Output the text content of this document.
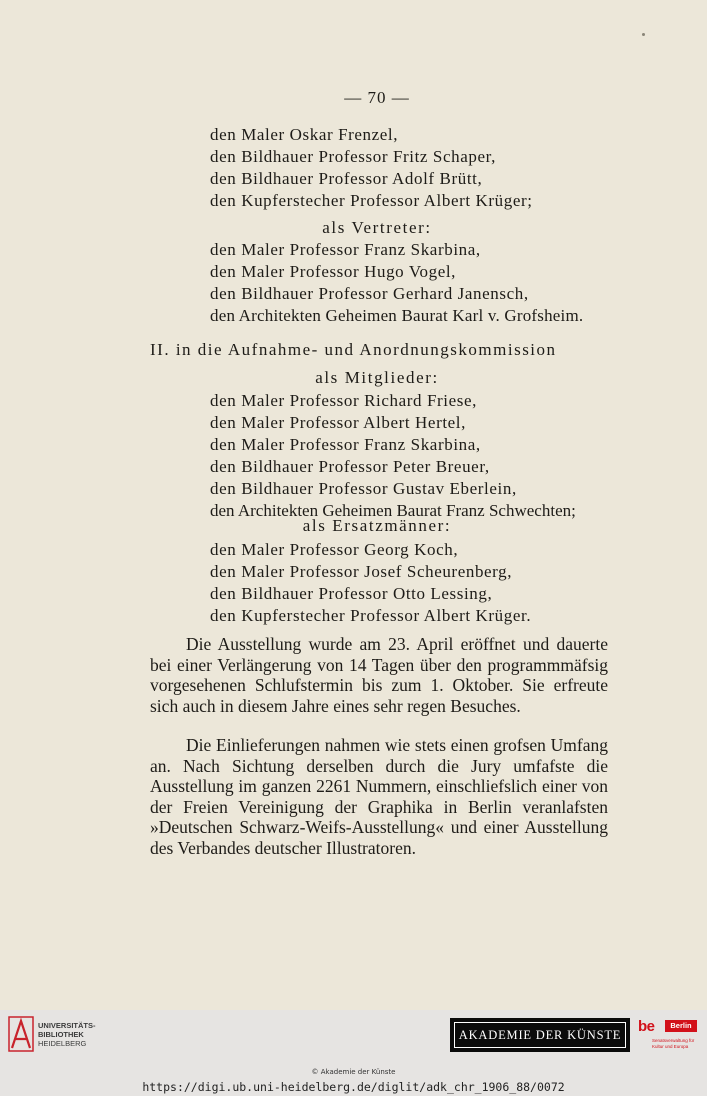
— 70 —
den Maler Oskar Frenzel,
den Bildhauer Professor Fritz Schaper,
den Bildhauer Professor Adolf Brütt,
den Kupferstecher Professor Albert Krüger;
als Vertreter:
den Maler Professor Franz Skarbina,
den Maler Professor Hugo Vogel,
den Bildhauer Professor Gerhard Janensch,
den Architekten Geheimen Baurat Karl v. Grofsheim.
II. in die Aufnahme- und Anordnungskommission
als Mitglieder:
den Maler Professor Richard Friese,
den Maler Professor Albert Hertel,
den Maler Professor Franz Skarbina,
den Bildhauer Professor Peter Breuer,
den Bildhauer Professor Gustav Eberlein,
den Architekten Geheimen Baurat Franz Schwechten;
als Ersatzmänner:
den Maler Professor Georg Koch,
den Maler Professor Josef Scheurenberg,
den Bildhauer Professor Otto Lessing,
den Kupferstecher Professor Albert Krüger.
Die Ausstellung wurde am 23. April eröffnet und dauerte bei einer Verlängerung von 14 Tagen über den programmmäfsig vorgesehenen Schlufstermin bis zum 1. Oktober. Sie erfreute sich auch in diesem Jahre eines sehr regen Besuches.
Die Einlieferungen nahmen wie stets einen grofsen Umfang an. Nach Sichtung derselben durch die Jury umfafste die Ausstellung im ganzen 2261 Nummern, einschliefslich einer von der Freien Vereinigung der Graphika in Berlin veranlafsten »Deutschen Schwarz-Weifs-Ausstellung« und einer Ausstellung des Verbandes deutscher Illustratoren.
UNIVERSITÄTS-
BIBLIOTHEK
HEIDELBERG
AKADEMIE DER KÜNSTE	be	Berlin
Senatsverwaltung für Kultur und Europa
© Akademie der Künste
https://digi.ub.uni-heidelberg.de/diglit/adk_chr_1906_88/0072
